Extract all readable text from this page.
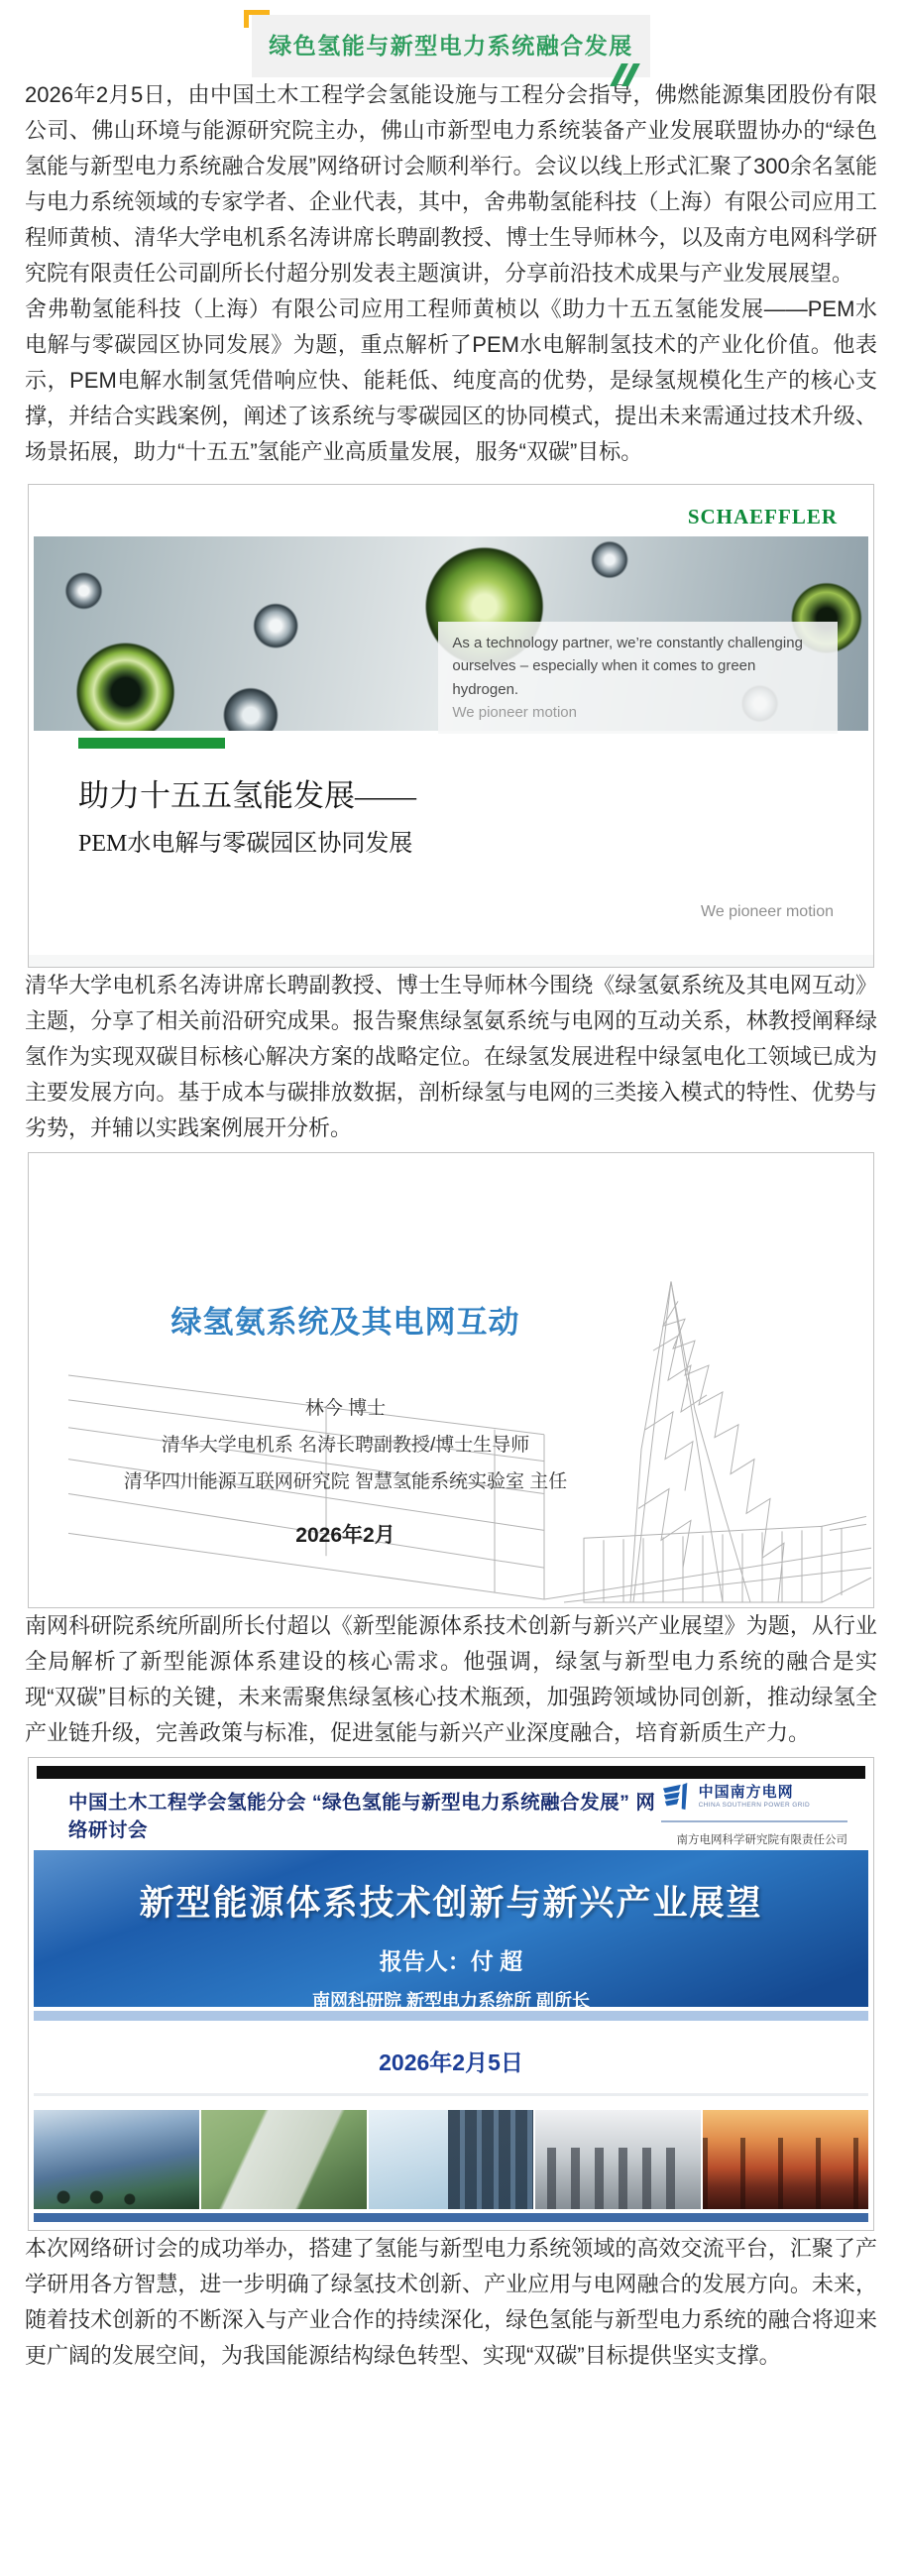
绿色氢能与新型电力系统融合发展

2026年2月5日，由中国土木工程学会氢能设施与工程分会指导，佛燃能源集团股份有限公司、佛山环境与能源研究院主办，佛山市新型电力系统装备产业发展联盟协办的“绿色氢能与新型电力系统融合发展”网络研讨会顺利举行。会议以线上形式汇聚了300余名氢能与电力系统领域的专家学者、企业代表，其中，舍弗勒氢能科技（上海）有限公司应用工程师黄桢、清华大学电机系名涛讲席长聘副教授、博士生导师林今，以及南方电网科学研究院有限责任公司副所长付超分别发表主题演讲，分享前沿技术成果与产业发展展望。

舍弗勒氢能科技（上海）有限公司应用工程师黄桢以《助力十五五氢能发展——PEM水电解与零碳园区协同发展》为题，重点解析了PEM水电解制氢技术的产业化价值。他表示，PEM电解水制氢凭借响应快、能耗低、纯度高的优势，是绿氢规模化生产的核心支撑，并结合实践案例，阐述了该系统与零碳园区的协同模式，提出未来需通过技术升级、场景拓展，助力“十五五”氢能产业高质量发展，服务“双碳”目标。

SCHAEFFLER
As a technology partner, we’re constantly challenging ourselves – especially when it comes to green hydrogen.
We pioneer motion
助力十五五氢能发展——
PEM水电解与零碳园区协同发展
We pioneer motion

清华大学电机系名涛讲席长聘副教授、博士生导师林今围绕《绿氢氨系统及其电网互动》主题，分享了相关前沿研究成果。报告聚焦绿氢氨系统与电网的互动关系，林教授阐释绿氢作为实现双碳目标核心解决方案的战略定位。在绿氢发展进程中绿氢电化工领域已成为主要发展方向。基于成本与碳排放数据，剖析绿氢与电网的三类接入模式的特性、优势与劣势，并辅以实践案例展开分析。

绿氢氨系统及其电网互动
林今 博士
清华大学电机系 名涛长聘副教授/博士生导师
清华四川能源互联网研究院 智慧氢能系统实验室 主任
2026年2月

南网科研院系统所副所长付超以《新型能源体系技术创新与新兴产业展望》为题，从行业全局解析了新型能源体系建设的核心需求。他强调，绿氢与新型电力系统的融合是实现“双碳”目标的关键，未来需聚焦绿氢核心技术瓶颈，加强跨领域协同创新，推动绿氢全产业链升级，完善政策与标准，促进氢能与新兴产业深度融合，培育新质生产力。

中国土木工程学会氢能分会 “绿色氢能与新型电力系统融合发展” 网络研讨会
中国南方电网
CHINA SOUTHERN POWER GRID
南方电网科学研究院有限责任公司
新型能源体系技术创新与新兴产业展望
报告人：付 超
南网科研院 新型电力系统所 副所长
2026年2月5日

本次网络研讨会的成功举办，搭建了氢能与新型电力系统领域的高效交流平台，汇聚了产学研用各方智慧，进一步明确了绿氢技术创新、产业应用与电网融合的发展方向。未来，随着技术创新的不断深入与产业合作的持续深化，绿色氢能与新型电力系统的融合将迎来更广阔的发展空间，为我国能源结构绿色转型、实现“双碳”目标提供坚实支撑。
